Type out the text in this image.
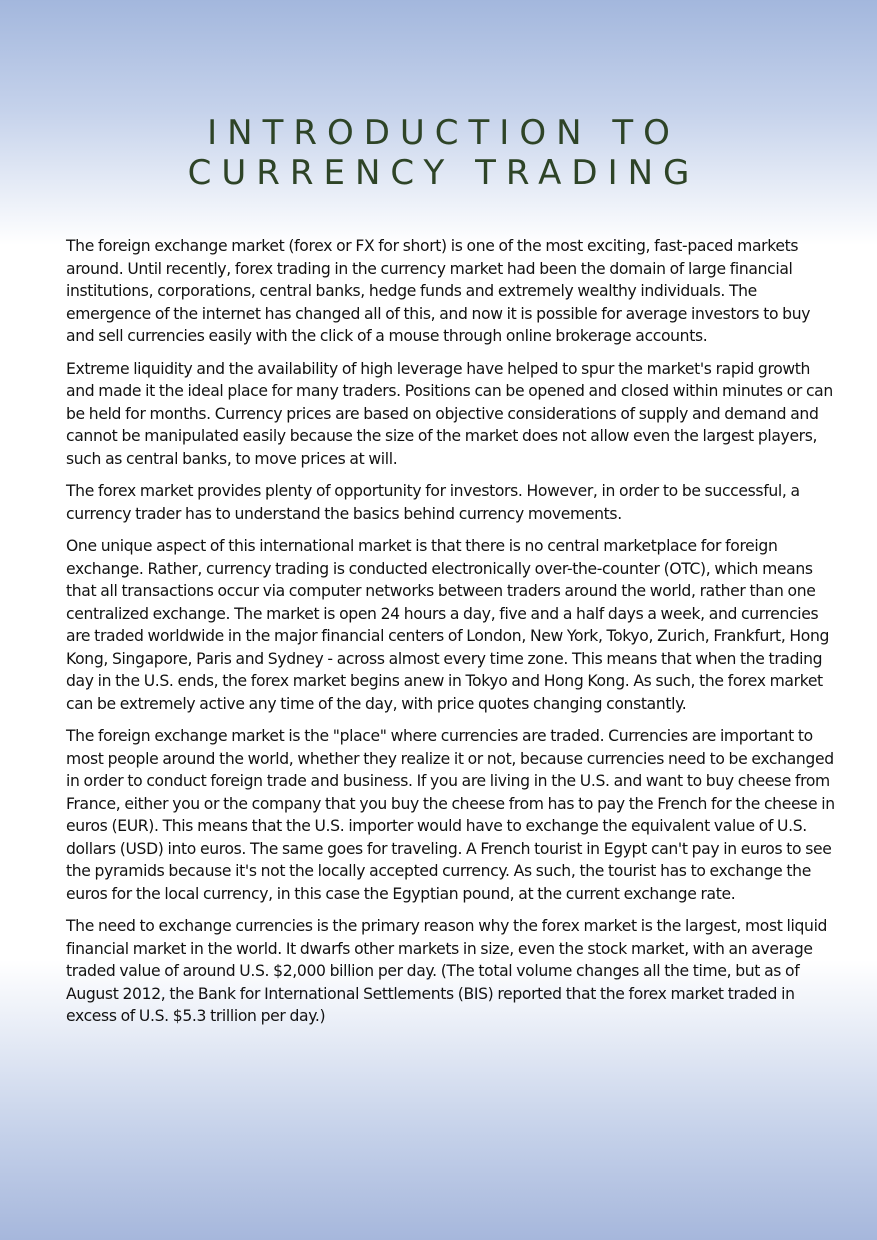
INTRODUCTION TO
CURRENCY TRADING

The foreign exchange market (forex or FX for short) is one of the most exciting, fast-paced markets around. Until recently, forex trading in the currency market had been the domain of large financial institutions, corporations, central banks, hedge funds and extremely wealthy individuals. The emergence of the internet has changed all of this, and now it is possible for average investors to buy and sell currencies easily with the click of a mouse through online brokerage accounts.

Extreme liquidity and the availability of high leverage have helped to spur the market's rapid growth and made it the ideal place for many traders. Positions can be opened and closed within minutes or can be held for months. Currency prices are based on objective considerations of supply and demand and cannot be manipulated easily because the size of the market does not allow even the largest players, such as central banks, to move prices at will.

The forex market provides plenty of opportunity for investors. However, in order to be successful, a currency trader has to understand the basics behind currency movements.

One unique aspect of this international market is that there is no central marketplace for foreign exchange. Rather, currency trading is conducted electronically over-the-counter (OTC), which means that all transactions occur via computer networks between traders around the world, rather than one centralized exchange. The market is open 24 hours a day, five and a half days a week, and currencies are traded worldwide in the major financial centers of London, New York, Tokyo, Zurich, Frankfurt, Hong Kong, Singapore, Paris and Sydney - across almost every time zone. This means that when the trading day in the U.S. ends, the forex market begins anew in Tokyo and Hong Kong. As such, the forex market can be extremely active any time of the day, with price quotes changing constantly.

The foreign exchange market is the "place" where currencies are traded. Currencies are important to most people around the world, whether they realize it or not, because currencies need to be exchanged in order to conduct foreign trade and business. If you are living in the U.S. and want to buy cheese from France, either you or the company that you buy the cheese from has to pay the French for the cheese in euros (EUR). This means that the U.S. importer would have to exchange the equivalent value of U.S. dollars (USD) into euros. The same goes for traveling. A French tourist in Egypt can't pay in euros to see the pyramids because it's not the locally accepted currency. As such, the tourist has to exchange the euros for the local currency, in this case the Egyptian pound, at the current exchange rate.

The need to exchange currencies is the primary reason why the forex market is the largest, most liquid financial market in the world. It dwarfs other markets in size, even the stock market, with an average traded value of around U.S. $2,000 billion per day. (The total volume changes all the time, but as of August 2012, the Bank for International Settlements (BIS) reported that the forex market traded in excess of U.S. $5.3 trillion per day.)
